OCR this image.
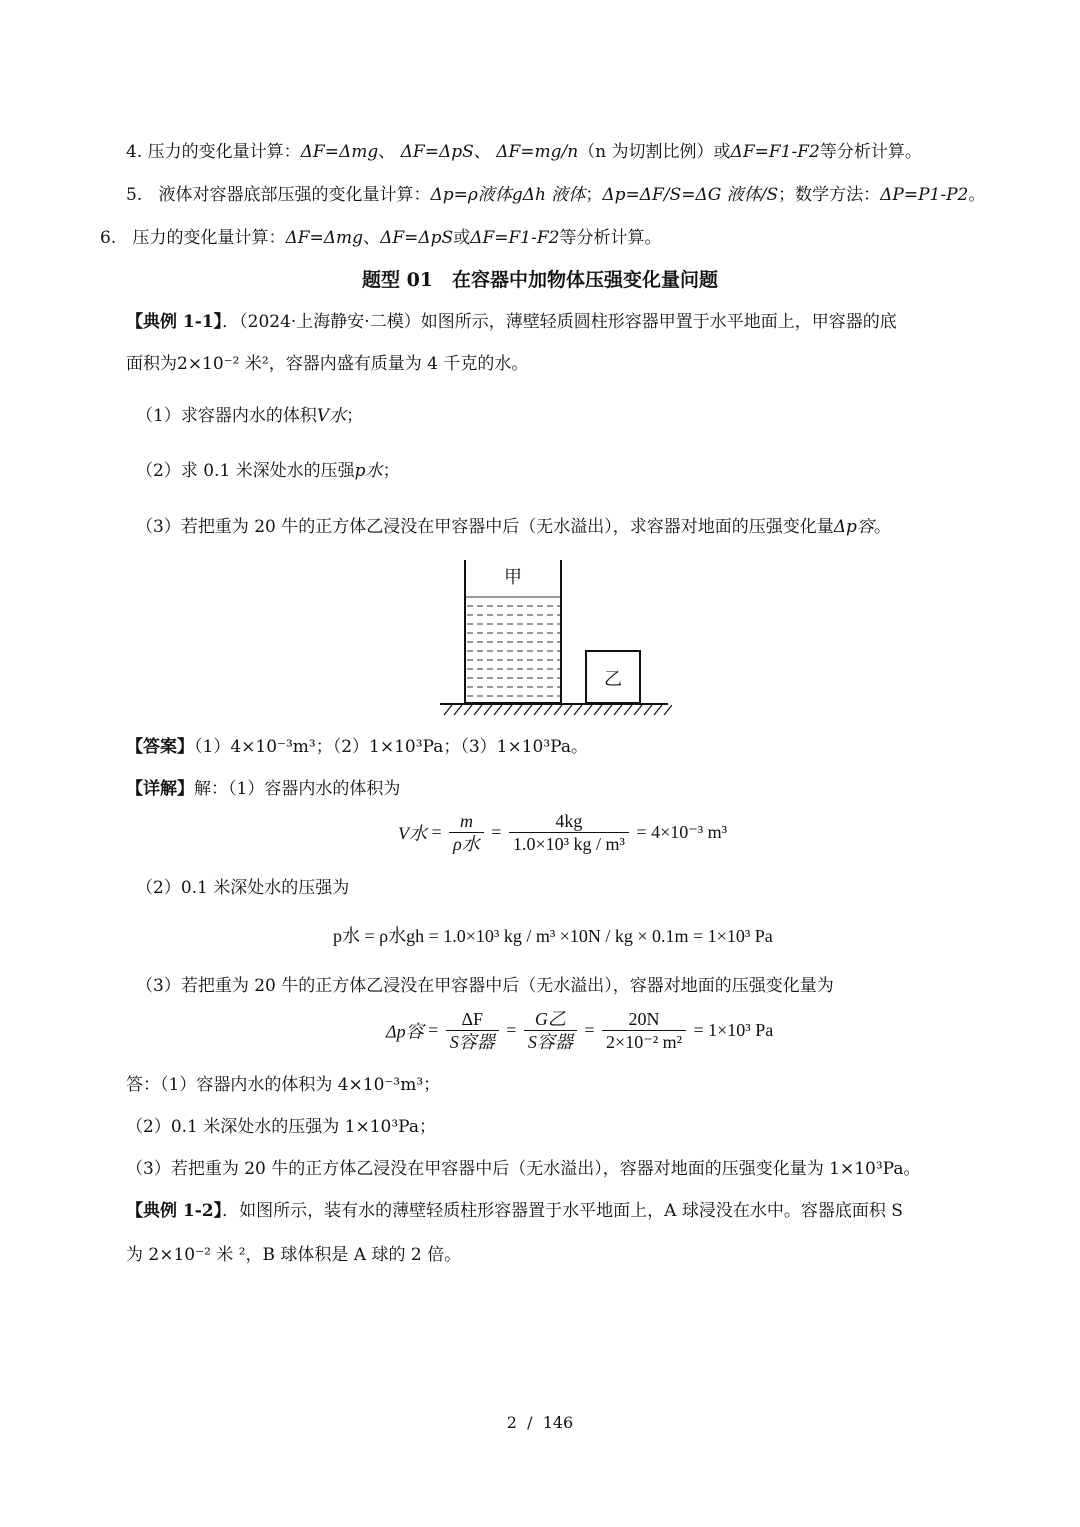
4. 压力的变化量计算：ΔF=Δmg、 ΔF=ΔpS、 ΔF=mg/n（n 为切割比例）或ΔF=F1-F2等分析计算。
5. 液体对容器底部压强的变化量计算：Δp=ρ液体gΔh 液体；Δp=ΔF/S=ΔG 液体/S；数学方法：ΔP=P1-P2。
6. 压力的变化量计算：ΔF=Δmg、ΔF=ΔpS或ΔF=F1-F2等分析计算。
题型 01　在容器中加物体压强变化量问题
【典例 1-1】．（2024·上海静安·二模）如图所示，薄壁轻质圆柱形容器甲置于水平地面上，甲容器的底
面积为2×10⁻² 米²，容器内盛有质量为 4 千克的水。
（1）求容器内水的体积V水；
（2）求 0.1 米深处水的压强p水；
（3）若把重为 20 牛的正方体乙浸没在甲容器中后（无水溢出），求容器对地面的压强变化量Δp容。
甲
乙
【答案】（1）4×10⁻³m³；（2）1×10³Pa；（3）1×10³Pa。
【详解】解：（1）容器内水的体积为
V水 = $\frac{m}{\text{ρ水}} = \frac{4kg}{\text{1.0×10³ kg / m³}} = 4\times 10^{-3}$ m³
（2）0.1 米深处水的压强为
p水 = ρ水gh = 1.0×10³ kg / m³ ×10N / kg × 0.1m = 1×10³ Pa
（3）若把重为 20 牛的正方体乙浸没在甲容器中后（无水溢出），容器对地面的压强变化量为
Δp容 = $\frac{\Delta F}{\text{S容器}} = \frac{\text{G乙}}{\text{S容器}} = \frac{20N}{\text{2×10⁻² m²}} = 1\times 10^3$ Pa
答：（1）容器内水的体积为 4×10⁻³m³；
（2）0.1 米深处水的压强为 1×10³Pa；
（3）若把重为 20 牛的正方体乙浸没在甲容器中后（无水溢出），容器对地面的压强变化量为 1×10³Pa。
【典例 1-2】．如图所示，装有水的薄壁轻质柱形容器置于水平地面上，A 球浸没在水中。容器底面积 S
为 2×10⁻² 米 ²，B 球体积是 A 球的 2 倍。
2 / 146
